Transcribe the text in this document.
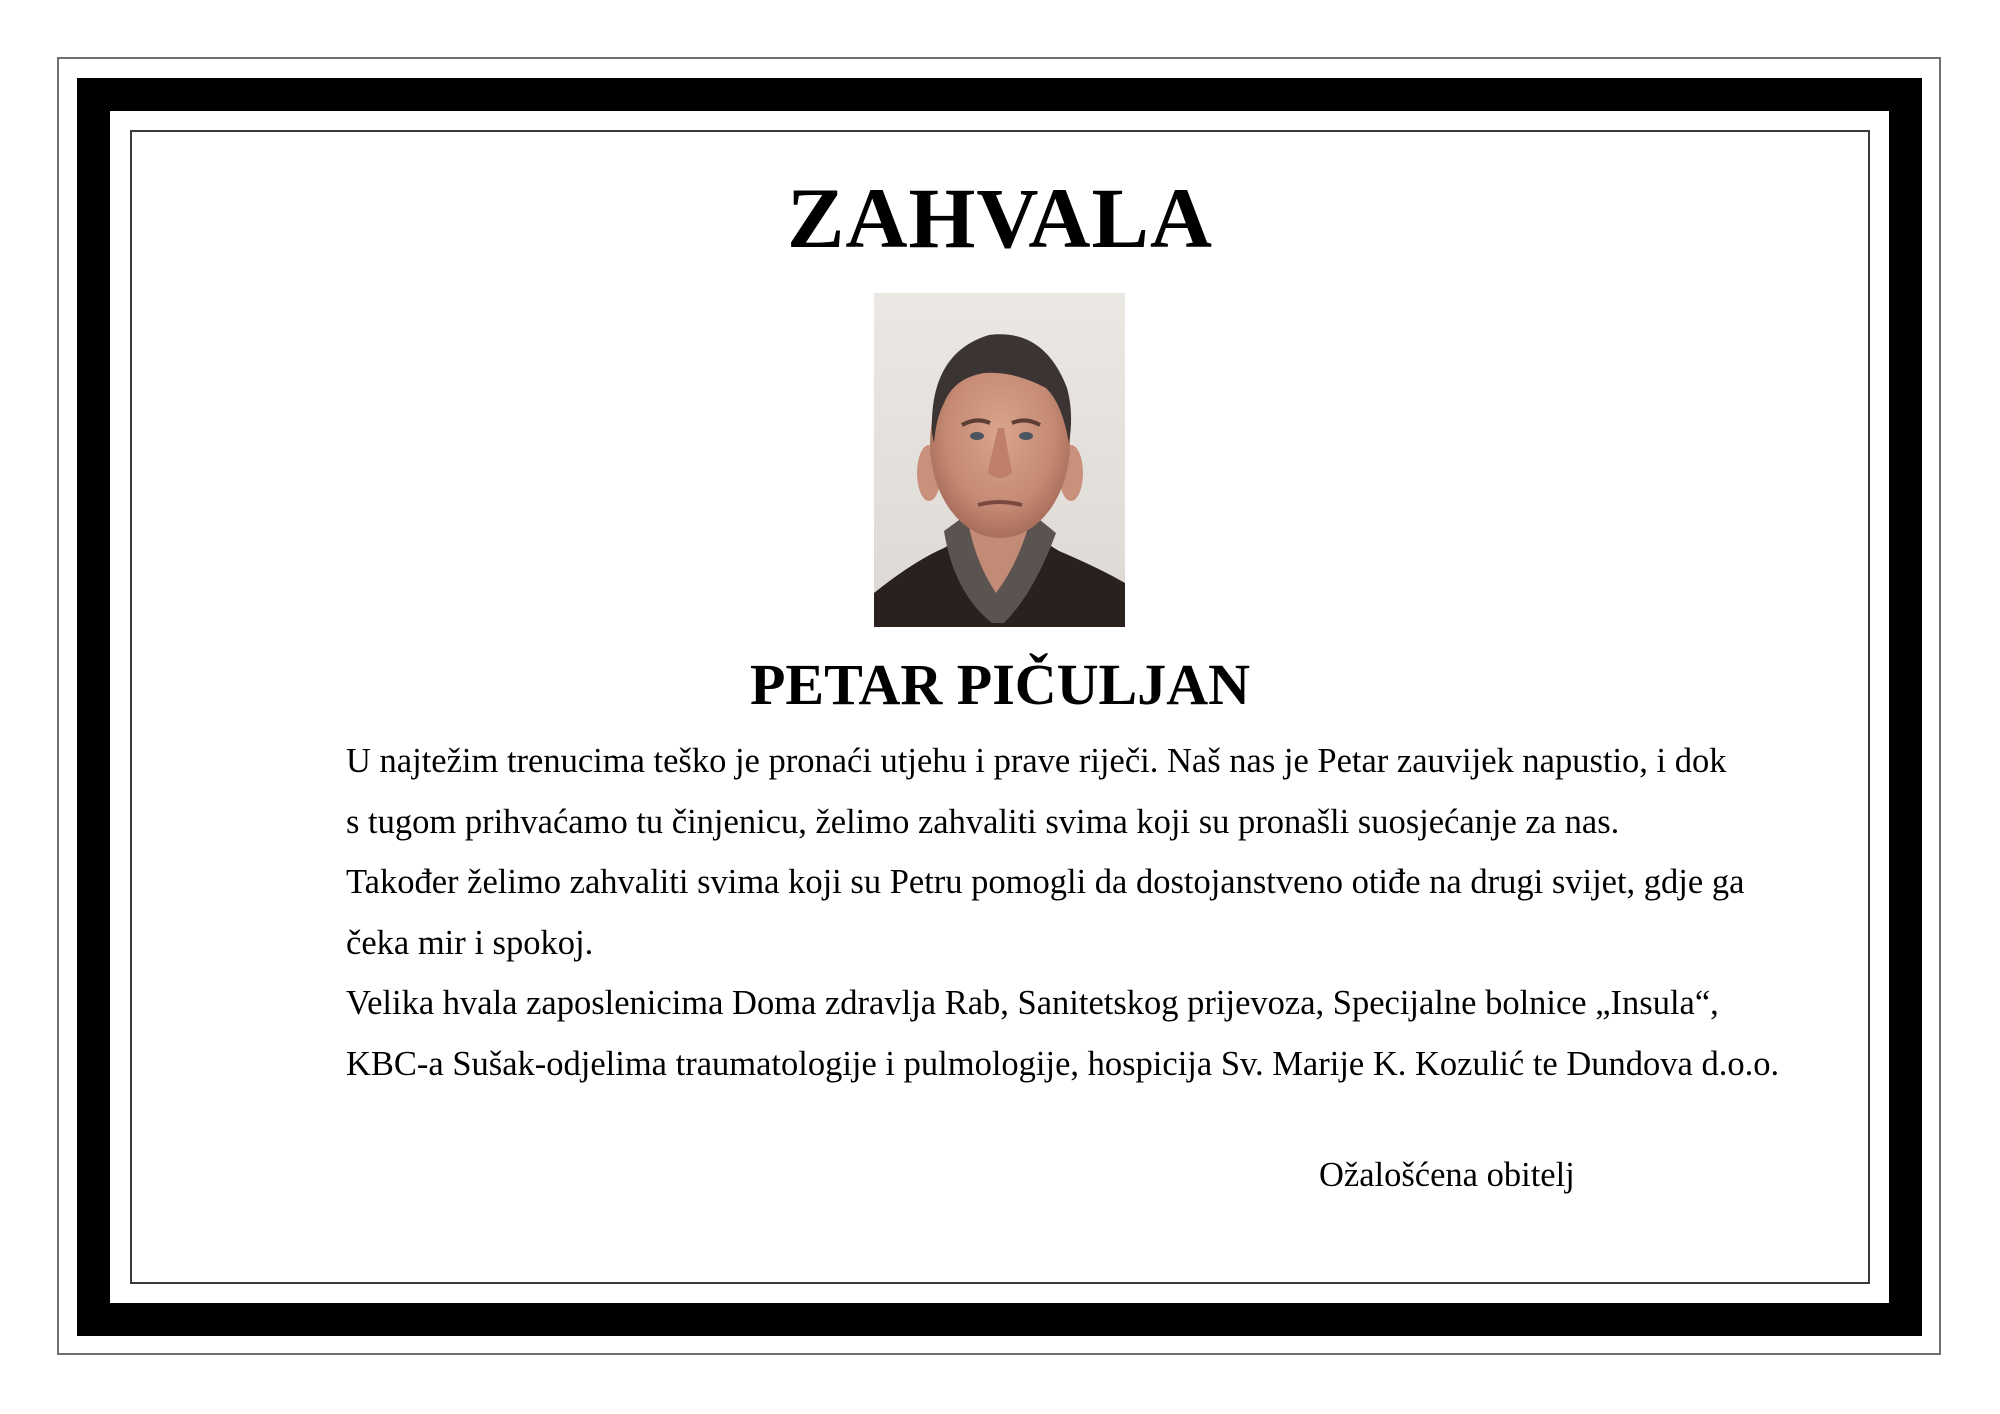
ZAHVALA
PETAR PIČULJAN
U najtežim trenucima teško je pronaći utjehu i prave riječi. Naš nas je Petar zauvijek napustio, i dok
s tugom prihvaćamo tu činjenicu, želimo zahvaliti svima koji su pronašli suosjećanje za nas.
Također želimo zahvaliti svima koji su Petru pomogli da dostojanstveno otiđe na drugi svijet, gdje ga
čeka mir i spokoj.
Velika hvala zaposlenicima Doma zdravlja Rab, Sanitetskog prijevoza, Specijalne bolnice „Insula“,
KBC-a Sušak-odjelima traumatologije i pulmologije, hospicija Sv. Marije K. Kozulić te Dundova d.o.o.
Ožalošćena obitelj
